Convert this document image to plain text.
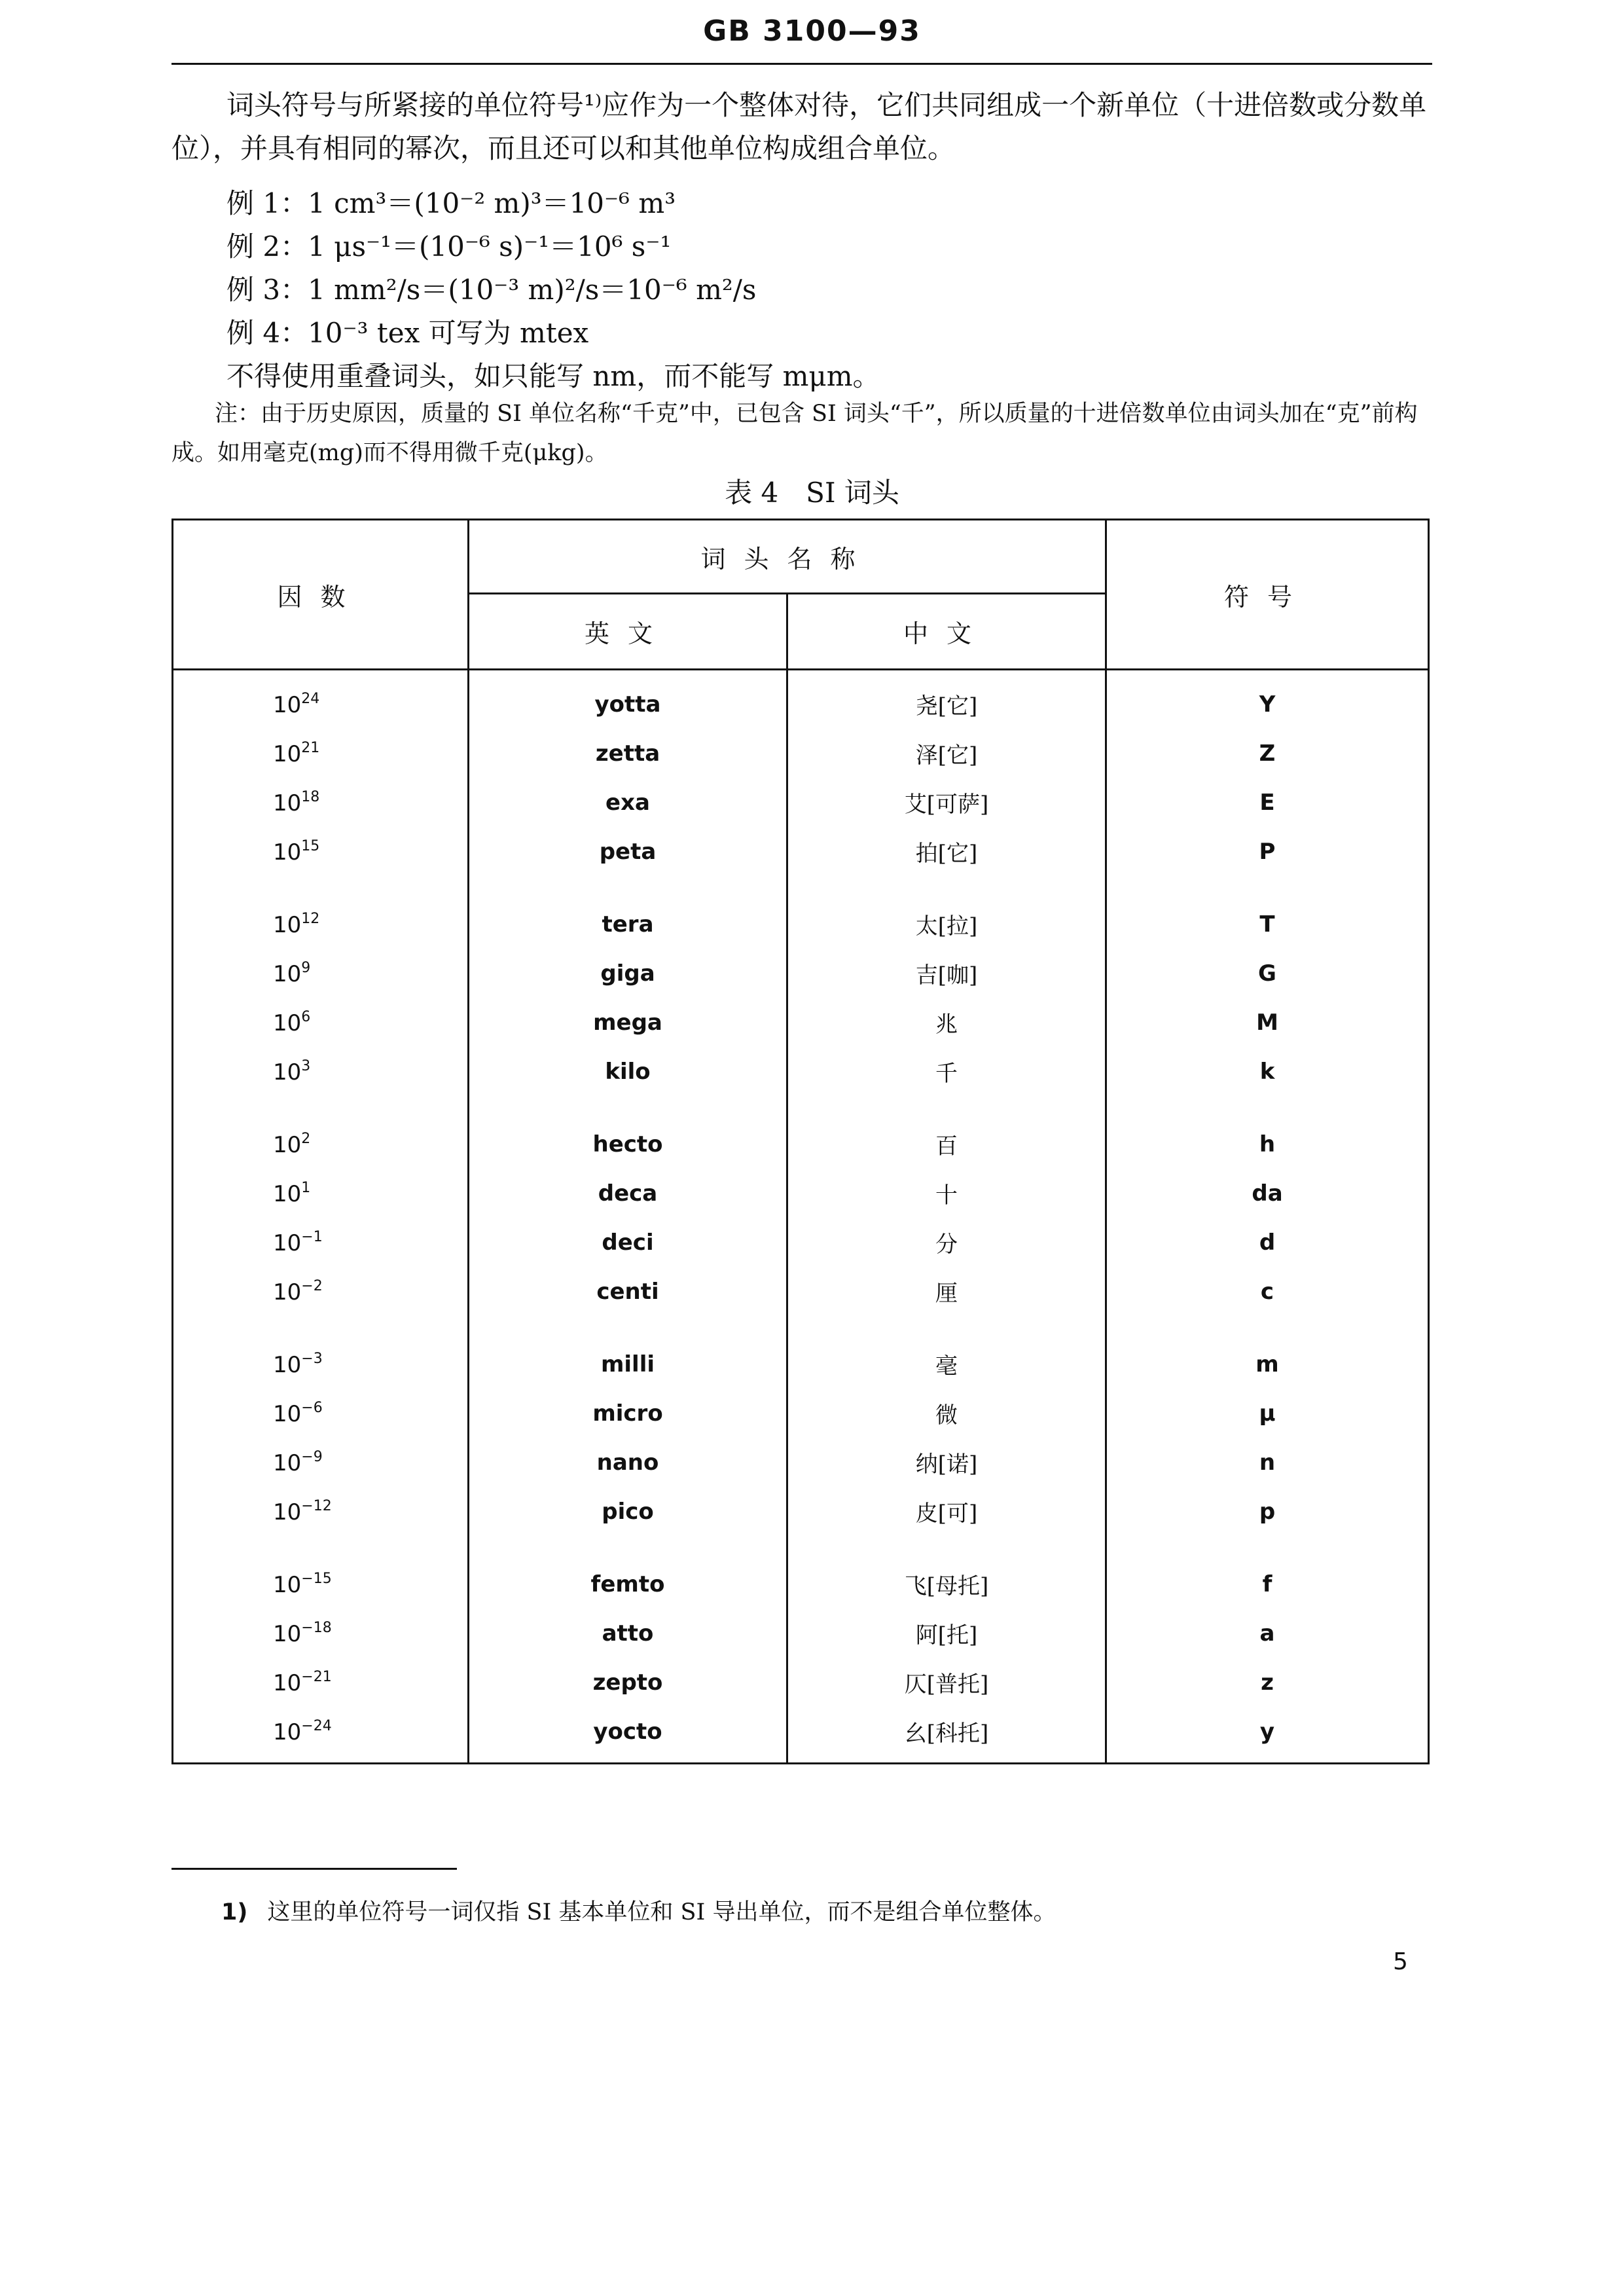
GB 3100—93
词头符号与所紧接的单位符号¹⁾应作为一个整体对待，它们共同组成一个新单位（十进倍数或分数单位），并具有相同的幂次，而且还可以和其他单位构成组合单位。
例 1：1 cm³＝(10⁻² m)³＝10⁻⁶ m³
例 2：1 μs⁻¹＝(10⁻⁶ s)⁻¹＝10⁶ s⁻¹
例 3：1 mm²/s＝(10⁻³ m)²/s＝10⁻⁶ m²/s
例 4：10⁻³ tex 可写为 mtex
不得使用重叠词头，如只能写 nm，而不能写 mμm。
注：由于历史原因，质量的 SI 单位名称“千克”中，已包含 SI 词头“千”，所以质量的十进倍数单位由词头加在“克”前构成。如用毫克(mg)而不得用微千克(μkg)。
表 4　SI 词头
因数	词头名称		符号
	英文	中文	
$10^{24}$	yotta	尧[它]	Y
$10^{21}$	zetta	泽[它]	Z
$10^{18}$	exa	艾[可萨]	E
$10^{15}$	peta	拍[它]	P
$10^{12}$	tera	太[拉]	T
$10^9$	giga	吉[咖]	G
$10^6$	mega	兆	M
$10^3$	kilo	千	k
$10^2$	hecto	百	h
$10^1$	deca	十	da
$10^{-1}$	deci	分	d
$10^{-2}$	centi	厘	c
$10^{-3}$	milli	毫	m
$10^{-6}$	micro	微	μ
$10^{-9}$	nano	纳[诺]	n
$10^{-12}$	pico	皮[可]	p
$10^{-15}$	femto	飞[母托]	f
$10^{-18}$	atto	阿[托]	a
$10^{-21}$	zepto	仄[普托]	z
$10^{-24}$	yocto	幺[科托]	y
1) 这里的单位符号一词仅指 SI 基本单位和 SI 导出单位，而不是组合单位整体。
5
